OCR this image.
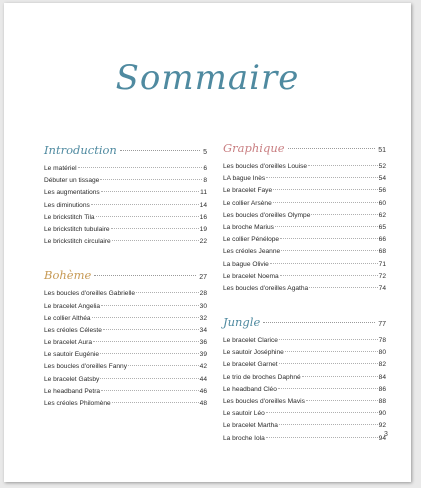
Sommaire
Introduction	5
Le matériel	6
Débuter un tissage	8
Les augmentations	11
Les diminutions	14
Le brickstitch Tila	16
Le brickstitch tubulaire	19
Le brickstitch circulaire	22
Bohème	27
Les boucles d'oreilles Gabrielle	28
Le bracelet Angelia	30
Le collier Althéa	32
Les créoles Céleste	34
Le bracelet Aura	36
Le sautoir Eugénie	39
Les boucles d'oreilles Fanny	42
Le bracelet Gatsby	44
Le headband Petra	46
Les créoles Philomène	48
Graphique	51
Les boucles d'oreilles Louise	52
LA bague Inès	54
Le bracelet Faye	56
Le collier Arsène	60
Les boucles d'oreilles Olympe	62
La broche Marius	65
Le collier Pénélope	66
Les créoles Jeanne	68
La bague Olivie	71
Le bracelet Noema	72
Les boucles d'oreilles Agatha	74
Jungle	77
Le bracelet Clarice	78
Le sautoir Joséphine	80
Le bracelet Garnet	82
Le trio de broches Daphné	84
Le headband Cléo	86
Les boucles d'oreilles Mavis	88
Le sautoir Léo	90
Le bracelet Martha	92
La broche Iola	94
3
